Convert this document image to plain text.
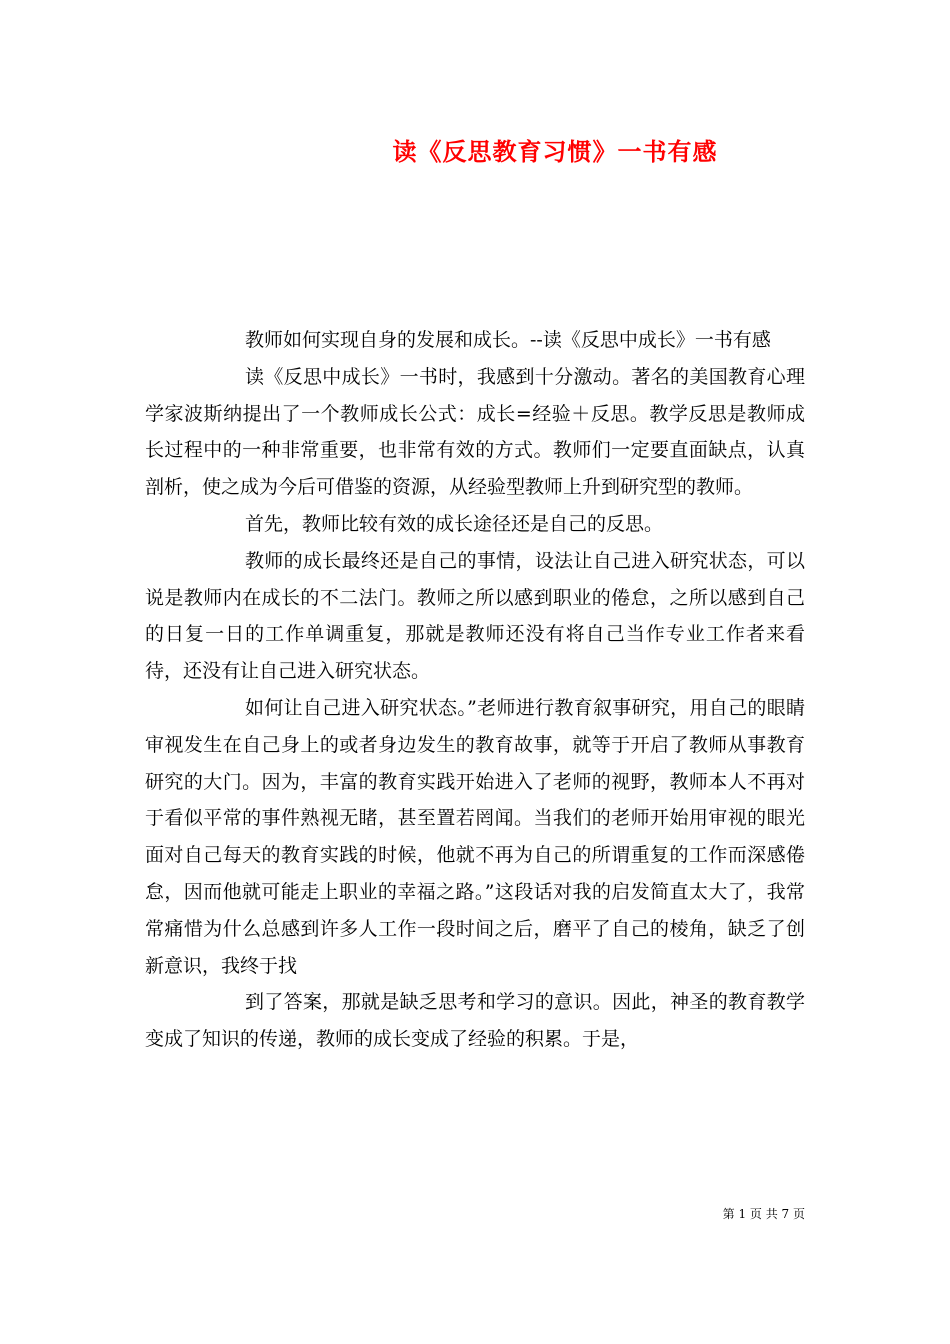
读《反思教育习惯》一书有感

教师如何实现自身的发展和成长。--读《反思中成长》一书有感

读《反思中成长》一书时，我感到十分激动。著名的美国教育心理学家波斯纳提出了一个教师成长公式：成长=经验＋反思。教学反思是教师成长过程中的一种非常重要，也非常有效的方式。教师们一定要直面缺点，认真剖析，使之成为今后可借鉴的资源，从经验型教师上升到研究型的教师。

首先，教师比较有效的成长途径还是自己的反思。

教师的成长最终还是自己的事情，设法让自己进入研究状态，可以说是教师内在成长的不二法门。教师之所以感到职业的倦怠，之所以感到自己的日复一日的工作单调重复，那就是教师还没有将自己当作专业工作者来看待，还没有让自己进入研究状态。

如何让自己进入研究状态。”老师进行教育叙事研究，用自己的眼睛审视发生在自己身上的或者身边发生的教育故事，就等于开启了教师从事教育研究的大门。因为，丰富的教育实践开始进入了老师的视野，教师本人不再对于看似平常的事件熟视无睹，甚至置若罔闻。当我们的老师开始用审视的眼光面对自己每天的教育实践的时候，他就不再为自己的所谓重复的工作而深感倦怠，因而他就可能走上职业的幸福之路。”这段话对我的启发简直太大了，我常常痛惜为什么总感到许多人工作一段时间之后，磨平了自己的棱角，缺乏了创新意识，我终于找

到了答案，那就是缺乏思考和学习的意识。因此，神圣的教育教学变成了知识的传递，教师的成长变成了经验的积累。于是，

第 1 页 共 7 页
